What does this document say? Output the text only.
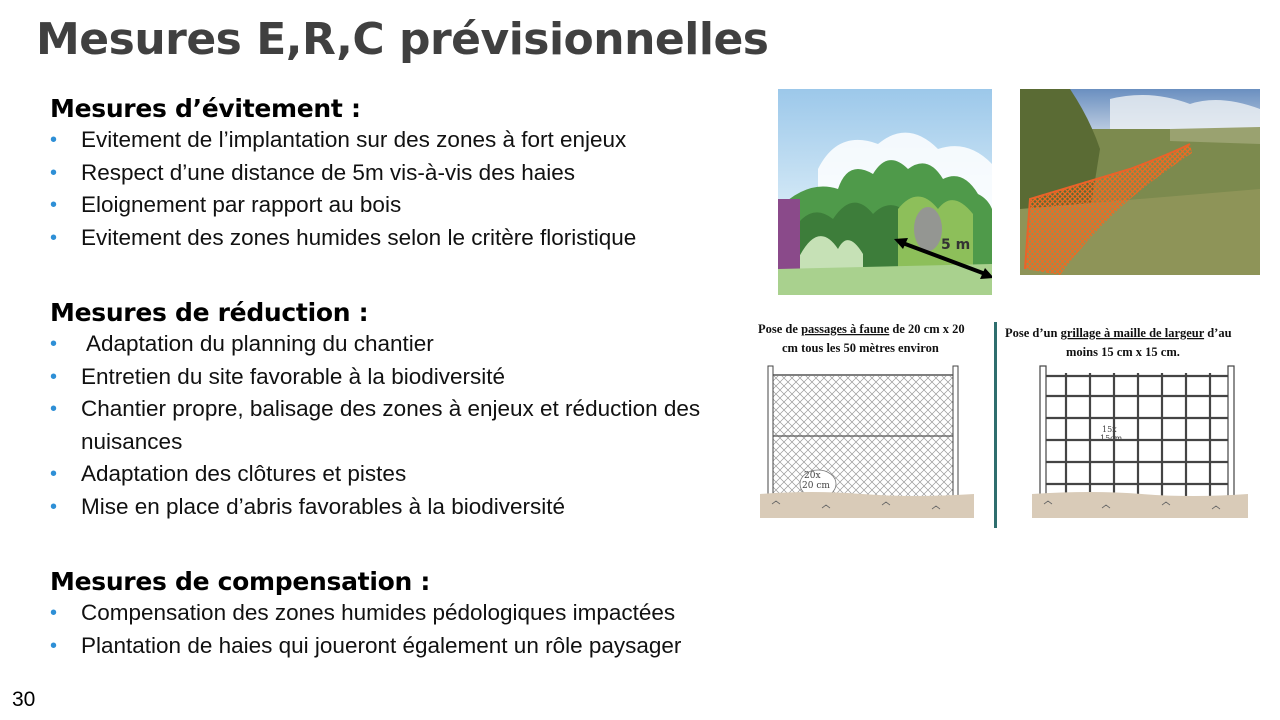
Mesures E,R,C prévisionnelles
Mesures d’évitement :
• Evitement de l’implantation sur des zones à fort enjeux
• Respect d’une distance de 5m vis-à-vis des haies
• Eloignement par rapport au bois
• Evitement des zones humides selon le critère floristique
Mesures de réduction :
• Adaptation du planning du chantier
• Entretien du site favorable à la biodiversité
• Chantier propre, balisage des zones à enjeux et réduction des nuisances
• Adaptation des clôtures et pistes
• Mise en place d’abris favorables à la biodiversité
Mesures de compensation :
• Compensation des zones humides pédologiques impactées
• Plantation de haies qui joueront également un rôle paysager
5 m
Pose de passages à faune de 20 cm x 20
cm tous les 50 mètres environ
20x
20 cm
Pose d’un grillage à maille de largeur d’au
moins 15 cm x 15 cm.
15x
15cm
30
